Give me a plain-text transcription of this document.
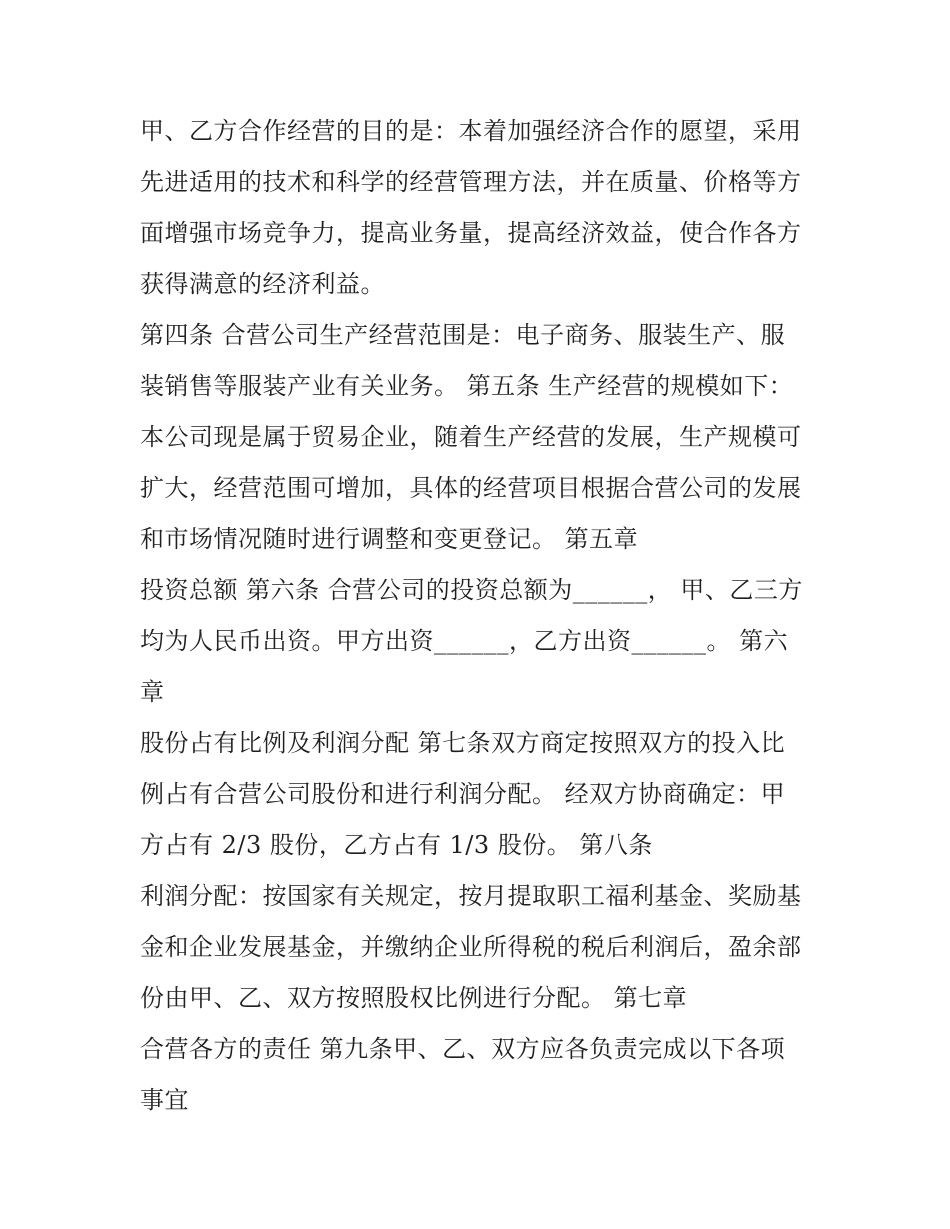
甲、乙方合作经营的目的是：本着加强经济合作的愿望，采用
先进适用的技术和科学的经营管理方法，并在质量、价格等方
面增强市场竞争力，提高业务量，提高经济效益，使合作各方
获得满意的经济利益。
第四条 合营公司生产经营范围是：电子商务、服装生产、服
装销售等服装产业有关业务。 第五条 生产经营的规模如下：
本公司现是属于贸易企业，随着生产经营的发展，生产规模可
扩大，经营范围可增加，具体的经营项目根据合营公司的发展
和市场情况随时进行调整和变更登记。 第五章
投资总额 第六条 合营公司的投资总额为______， 甲、乙三方
均为人民币出资。甲方出资______，乙方出资______。 第六
章
股份占有比例及利润分配 第七条双方商定按照双方的投入比
例占有合营公司股份和进行利润分配。 经双方协商确定：甲
方占有 2/3 股份，乙方占有 1/3 股份。 第八条
利润分配：按国家有关规定，按月提取职工福利基金、奖励基
金和企业发展基金，并缴纳企业所得税的税后利润后，盈余部
份由甲、乙、双方按照股权比例进行分配。 第七章
合营各方的责任 第九条甲、乙、双方应各负责完成以下各项
事宜
